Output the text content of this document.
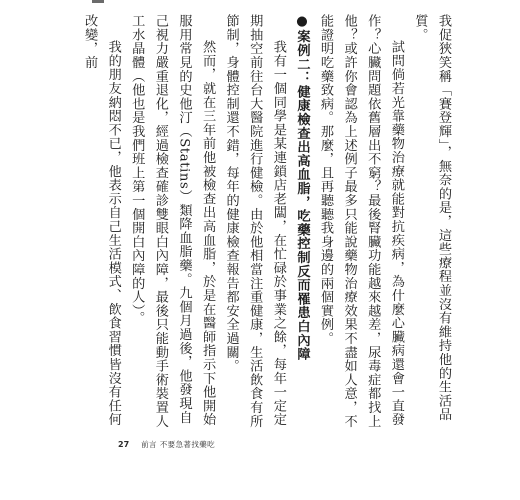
我促狹笑稱「賽登輝」，無奈的是，這些療程並沒有維持他的生活品質。

試問倘若光靠藥物治療就能對抗疾病，為什麼心臟病還會一直發作？心臟問題依舊層出不窮？最後腎臟功能越來越差，尿毒症都找上他？或許你會認為上述例子最多只能說藥物治療效果不盡如人意，不能證明吃藥致病。那麼，且再聽聽我身邊的兩個實例。

●案例二：健康檢查出高血脂，吃藥控制反而罹患白內障

我有一個同學是某連鎖店老闆，在忙碌於事業之餘，每年一定定期抽空前往台大醫院進行健檢。由於他相當注重健康，生活飲食有所節制，身體控制還不錯，每年的健康檢查報告都安全過關。

然而，就在三年前他被檢查出高血脂，於是在醫師指示下他開始服用常見的史他汀（Statins）類降血脂藥。九個月過後，他發現自己視力嚴重退化，經過檢查確診雙眼白內障，最後只能動手術裝置人工水晶體（他也是我們班上第一個開白內障的人）。

我的朋友納悶不已，他表示自己生活模式、飲食習慣皆沒有任何改變，前

27 前言 不要急著找藥吃
